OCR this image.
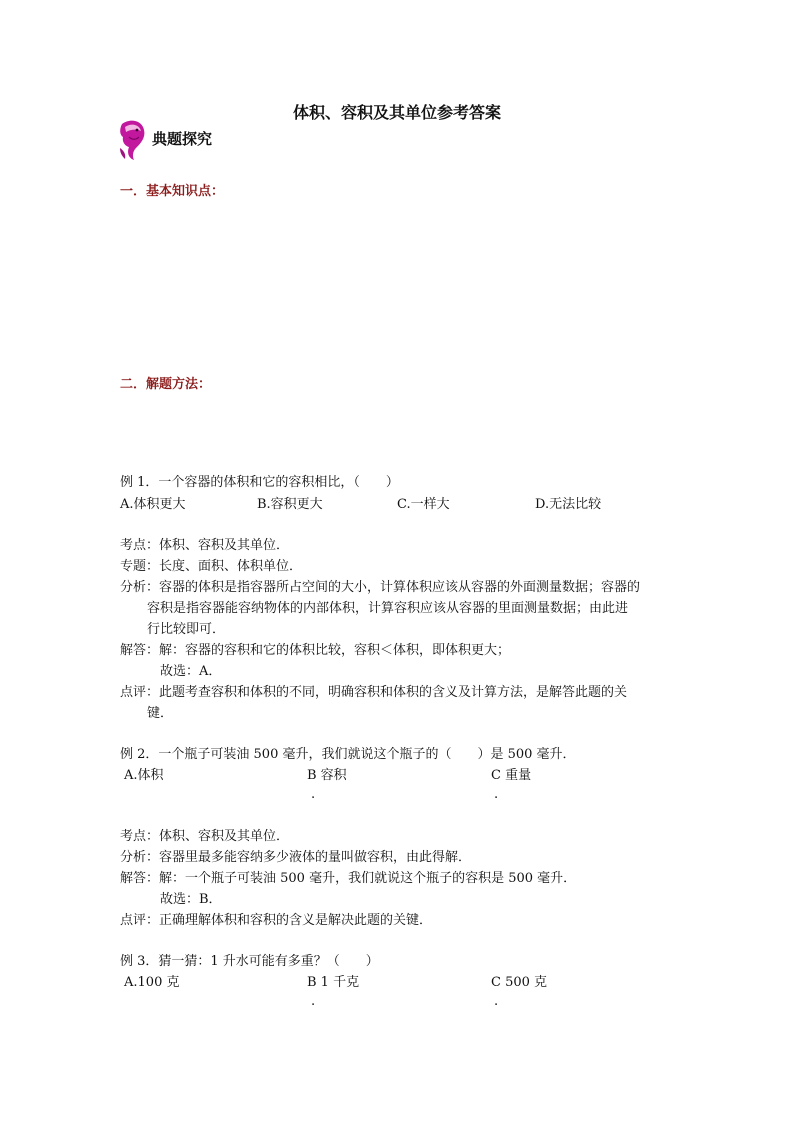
体积、容积及其单位参考答案
典题探究
一．基本知识点：
二．解题方法：
例 1．一个容器的体积和它的容积相比，（　　）
A.体积更大	B.容积更大	C.一样大	D.无法比较
考点：体积、容积及其单位．
专题：长度、面积、体积单位．
分析：容器的体积是指容器所占空间的大小，计算体积应该从容器的外面测量数据；容器的
容积是指容器能容纳物体的内部体积，计算容积应该从容器的里面测量数据；由此进
行比较即可．
解答：解：容器的容积和它的体积比较，容积＜体积，即体积更大；
故选：A．
点评：此题考查容积和体积的不同，明确容积和体积的含义及计算方法，是解答此题的关
键．
例 2．一个瓶子可装油 500 毫升，我们就说这个瓶子的（　　）是 500 毫升．
A.体积	B 容积	C 重量
.	.
考点：体积、容积及其单位．
分析：容器里最多能容纳多少液体的量叫做容积，由此得解．
解答：解：一个瓶子可装油 500 毫升，我们就说这个瓶子的容积是 500 毫升．
故选：B．
点评：正确理解体积和容积的含义是解决此题的关键．
例 3．猜一猜：1 升水可能有多重？（　　）
A.100 克	B 1 千克	C 500 克
.	.
